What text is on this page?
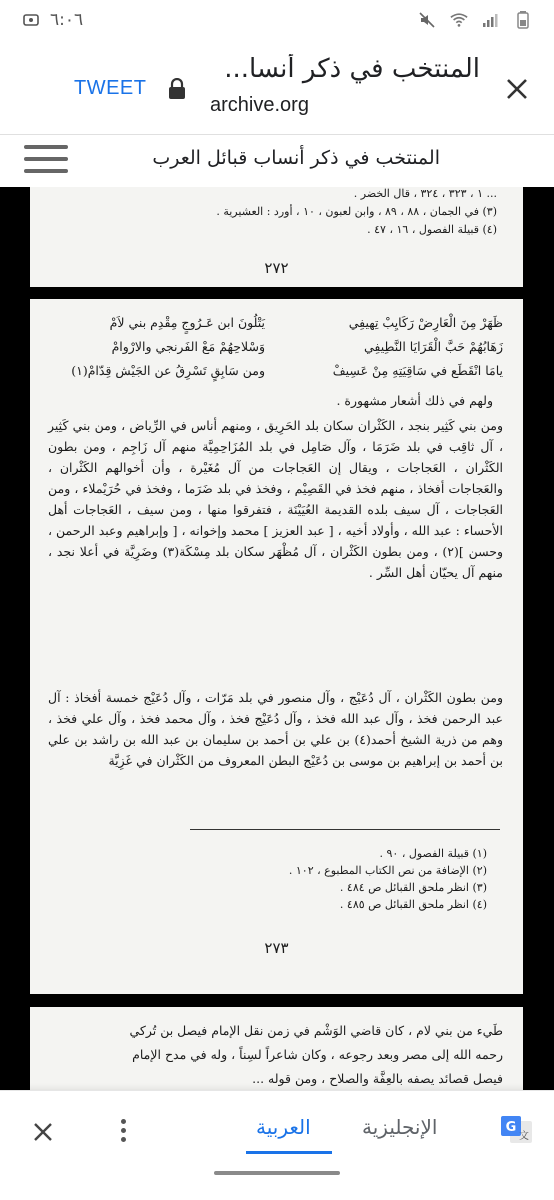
٦:٠٦
TWEET
المنتخب في ذكر أنسا...
archive.org
المنتخب في ذكر أنساب قبائل العرب
... ١ ، ٣٢٣ ، ٣٢٤ ، قال الخضر .
(٣) في الجمان ، ٨٨ ، ٨٩ ، وابن لعبون ، ١٠ ، أورد : العشيرية .
(٤) قبيلة الفصول ، ١٦ ، ٤٧ .
٢٧٢
ظَهَرْ مِنَ الْعَارِضْ رَكَايِبْ تِهيفِي
يَتْلُونَ ابن عَـرُوجٍ مِقْدِم بني لاَمْ
زَهَابُهُمْ حَبَّ الْقَرَايَا النَّطِيفِي
وَسْلاحِهُمْ مَعْ الفَرنجي والارْوامْ
يامَا انْقَطَع في سَاقِيَتِهِ مِنْ عَسِيفْ
ومن سَابِقٍ تَسْرِقُ عن الجَيْش قِدّامْ(١)
ولهم في ذلك أشعار مشهورة .
ومن بني كَثِير بنجد ، الكَثْران سكان بلد الحَرِيق ، ومنهم أناس في الرِّياض ، ومن بني كَثِير ، آل ثاقِب في بلد ضَرَمَا ، وآل صَامِل في بلد المُزَاحِمِيَّة منهم آل زَاجِم ، ومن بطون الكَثْران ، العَجاجات ، ويقال إن العَجاجات من آل مُغَيْرة ، وأن أخوالهم الكَثْران ، والعَجاجات أفخاذ ، منهم فخذ في القَصِيْم ، وفخذ في بلد ضَرَما ، وفخذ في حُرَيْملاء ، ومن العَجاجات ، آل سيف بلده القديمة العُيَيْنَة ، فتفرقوا منها ، ومن سيف ، العَجاجات أهل الأحساء : عبد الله ، وأولاد أخيه ، [ عبد العزيز ] محمد وإخوانه ، [ وإبراهيم وعبد الرحمن ، وحسن ](٢) ، ومن بطون الكَثْران ، آل مُظْهَر سكان بلد مِسْكَة(٣) وضَرِيَّة في أعلا نجد ، منهم آل يحيّان أهل السِّر .
ومن بطون الكَثْران ، آل دُعَيْج ، وآل منصور في بلد مَرّات ، وآل دُعَيْج خمسة أفخاذ : آل عبد الرحمن فخذ ، وآل عبد الله فخذ ، وآل دُعَيْج فخذ ، وآل محمد فخذ ، وآل علي فخذ ، وهم من ذرية الشيخ أحمد(٤) بن علي بن أحمد بن سليمان بن عبد الله بن راشد بن علي بن أحمد بن إبراهيم بن موسى بن دُعَيْج البطن المعروف من الكَثْران في غَزِيَّة
(١) قبيلة الفصول ، ٩٠ .
(٢) الإضافة من نص الكتاب المطبوع ، ١٠٢ .
(٣) انظر ملحق القبائل ص ٤٨٤ .
(٤) انظر ملحق القبائل ص ٤٨٥ .
٢٧٣
طَيء من بني لام ، كان قاضي الوَشْم في زمن نقل الإمام فيصل بن تُركي
رحمه الله إلى مصر وبعد رجوعه ، وكان شاعراً لسِناً ، وله في مدح الإمام
فيصل قصائد يصفه بالعِفَّة والصلاح ، ومن قوله ...
العربية	الإنجليزية	G
文
